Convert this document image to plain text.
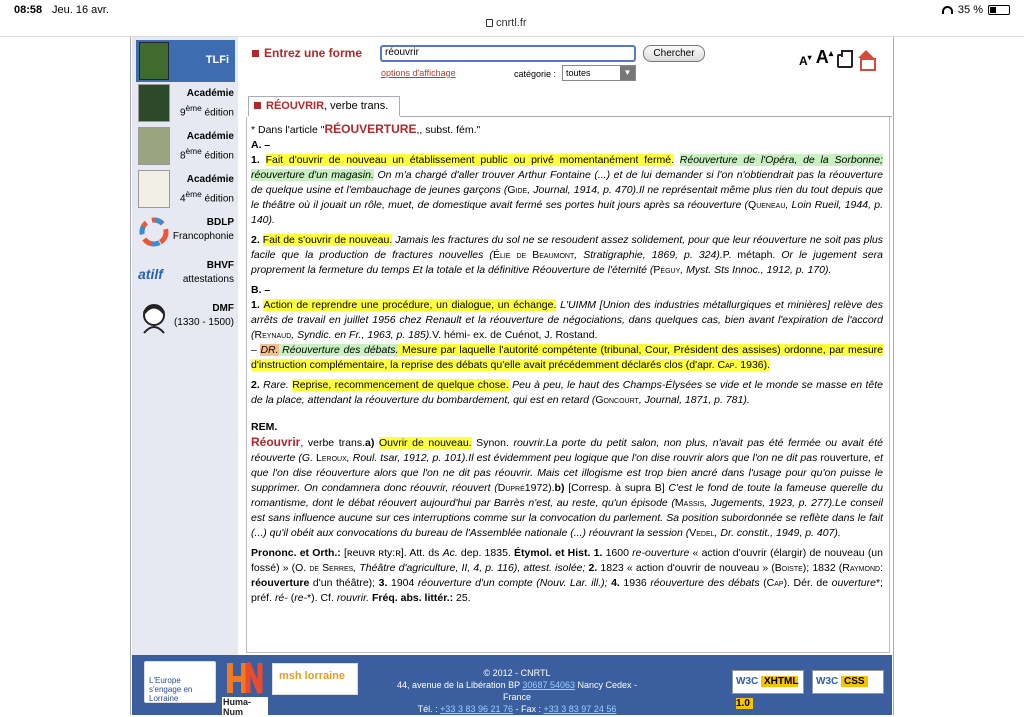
08:58 Jeu. 16 avr.
cnrtl.fr
35 %
TLFi
Académie
9ème édition
Académie
8ème édition
Académie
4ème édition
BDLP
Francophonie
atilf
BHVF
attestations
DMF
(1330 - 1500)
Entrez une forme	réouvrir	Chercher
options d'affichage	catégorie :	toutes	▼
A▾ A▴
RÉOUVRIR, verbe trans.

* Dans l'article "RÉOUVERTURE,, subst. fém."

A. –

1. Fait d'ouvrir de nouveau un établissement public ou privé momentanément fermé. Réouverture de l'Opéra, de la Sorbonne; réouverture d'un magasin. On m'a chargé d'aller trouver Arthur Fontaine (...) et de lui demander si l'on n'obtiendrait pas la réouverture de quelque usine et l'embauchage de jeunes garçons (Gide, Journal, 1914, p. 470).Il ne représentait même plus rien du tout depuis que le théâtre où il jouait un rôle, muet, de domestique avait fermé ses portes huit jours après sa réouverture (Queneau, Loin Rueil, 1944, p. 140).

2. Fait de s'ouvrir de nouveau. Jamais les fractures du sol ne se resoudent assez solidement, pour que leur réouverture ne soit pas plus facile que la production de fractures nouvelles (Élie de Beaumont, Stratigraphie, 1869, p. 324).P. métaph. Or le jugement sera proprement la fermeture du temps Et la totale et la définitive Réouverture de l'éternité (Péguy, Myst. Sts Innoc., 1912, p. 170).

B. –

1. Action de reprendre une procédure, un dialogue, un échange. L'UIMM [Union des industries métallurgiques et minières] relève des arrêts de travail en juillet 1956 chez Renault et la réouverture de négociations, dans quelques cas, bien avant l'expiration de l'accord (Reynaud, Syndic. en Fr., 1963, p. 185).V. hémi- ex. de Cuénot, J. Rostand.

– DR. Réouverture des débats. Mesure par laquelle l'autorité compétente (tribunal, Cour, Président des assises) ordonne, par mesure d'instruction complémentaire, la reprise des débats qu'elle avait précédemment déclarés clos (d'apr. Cap. 1936).

2. Rare. Reprise, recommencement de quelque chose. Peu à peu, le haut des Champs-Élysées se vide et le monde se masse en tête de la place, attendant la réouverture du bombardement, qui est en retard (Goncourt, Journal, 1871, p. 781).

REM.

Réouvrir, verbe trans.a) Ouvrir de nouveau. Synon. rouvrir.La porte du petit salon, non plus, n'avait pas été fermée ou avait été réouverte (G. Leroux, Roul. tsar, 1912, p. 101).Il est évidemment peu logique que l'on dise rouvrir alors que l'on ne dit pas rouverture, et que l'on dise réouverture alors que l'on ne dit pas réouvrir. Mais cet illogisme est trop bien ancré dans l'usage pour qu'on puisse le supprimer. On condamnera donc réouvrir, réouvert (Dupré1972).b) [Corresp. à supra B] C'est le fond de toute la fameuse querelle du romantisme, dont le débat réouvert aujourd'hui par Barrès n'est, au reste, qu'un épisode (Massis, Jugements, 1923, p. 277).Le conseil est sans influence aucune sur ces interruptions comme sur la convocation du parlement. Sa position subordonnée se reflète dans le fait (...) qu'il obéit aux convocations du bureau de l'Assemblée nationale (...) réouvrant la session (Vedel, Dr. constit., 1949, p. 407).

Prononc. et Orth.: [ʀeuvʀ ʀty:ʀ]. Att. ds Ac. dep. 1835. Étymol. et Hist. 1. 1600 re-ouverture « action d'ouvrir (élargir) de nouveau (un fossé) » (O. de Serres, Théâtre d'agriculture, II, 4, p. 116), attest. isolée; 2. 1823 « action d'ouvrir de nouveau » (Boiste); 1832 (Raymond: réouverture d'un théâtre); 3. 1904 réouverture d'un compte (Nouv. Lar. ill.); 4. 1936 réouverture des débats (Cap). Dér. de ouverture*; préf. ré- (re-*). Cf. rouvrir. Fréq. abs. littér.: 25.

L'Europe s'engage en Lorraine	Huma-Num
msh lorraine	© 2012 - CNRTL
44, avenue de la Libération BP 30687 54063 Nancy Cedex - France
Tél. : +33 3 83 96 21 76 - Fax : +33 3 83 97 24 56
W3C XHTML 1.0
W3C CSS
